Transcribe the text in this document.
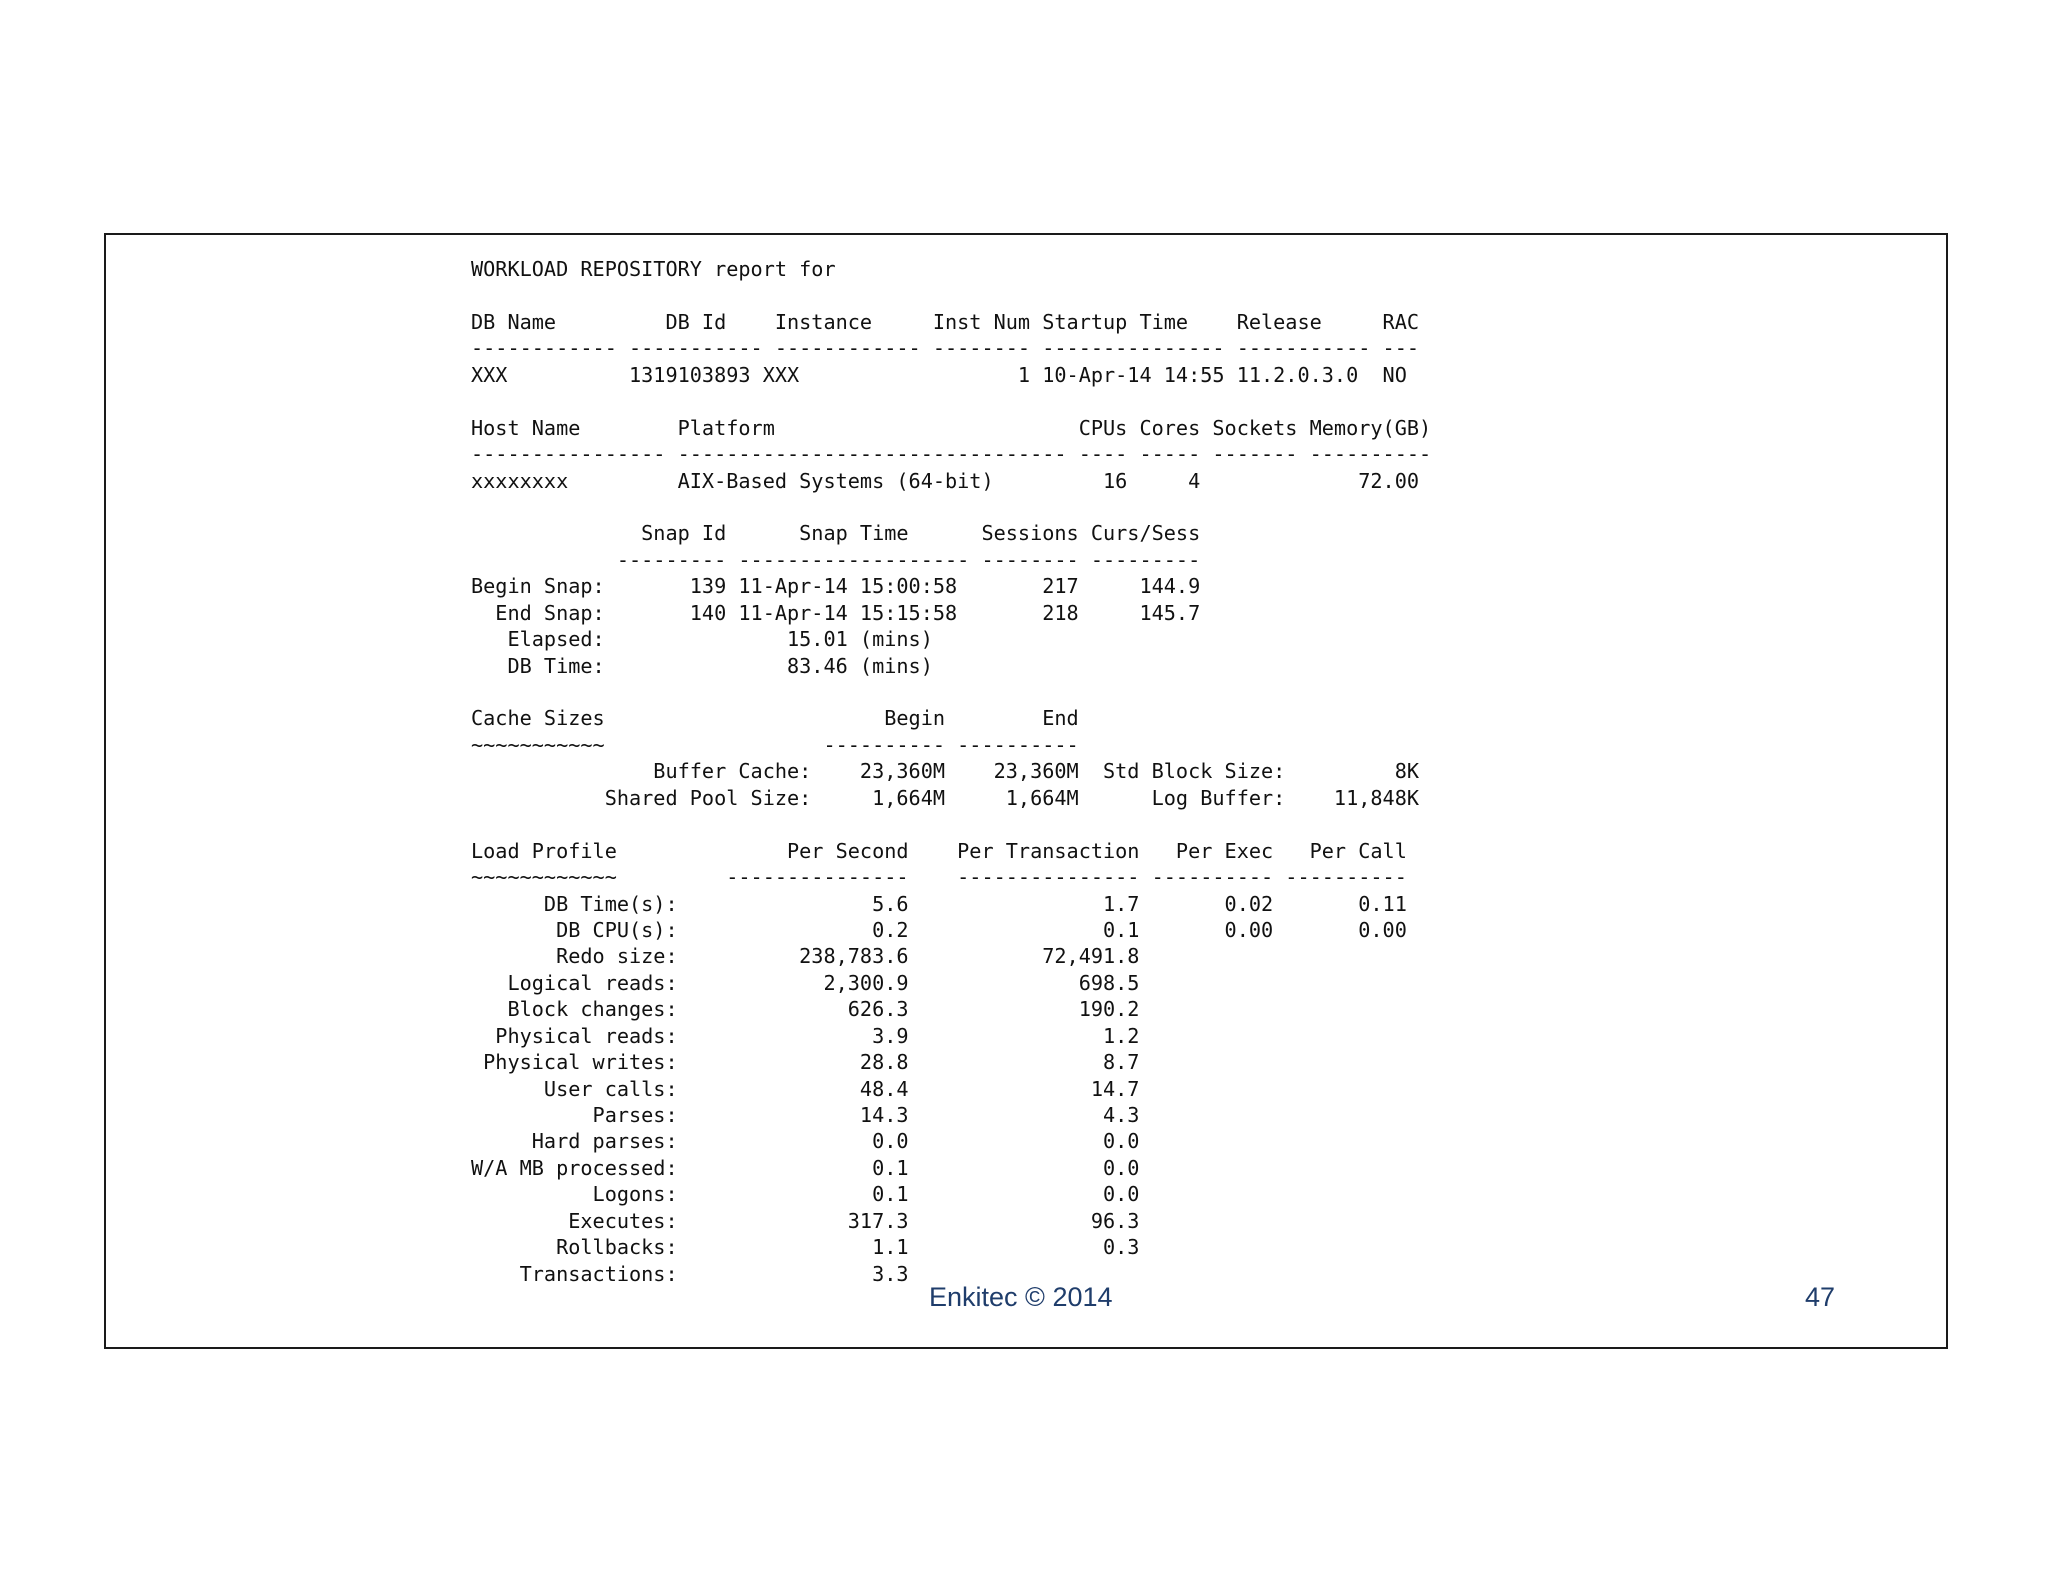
WORKLOAD REPOSITORY report for
DB Name         DB Id    Instance     Inst Num Startup Time    Release     RAC
------------ ----------- ------------ -------- --------------- ----------- ---
XXX          1319103893 XXX                  1 10-Apr-14 14:55 11.2.0.3.0  NO
Host Name        Platform                         CPUs Cores Sockets Memory(GB)
---------------- -------------------------------- ---- ----- ------- ----------
xxxxxxxx         AIX-Based Systems (64-bit)         16     4             72.00
Snap Id      Snap Time      Sessions Curs/Sess
--------- ------------------- -------- ---------
Begin Snap:       139 11-Apr-14 15:00:58       217     144.9
End Snap:       140 11-Apr-14 15:15:58       218     145.7
Elapsed:               15.01 (mins)
DB Time:               83.46 (mins)
Cache Sizes                       Begin        End
~~~~~~~~~~~                  ---------- ----------
Buffer Cache:    23,360M    23,360M  Std Block Size:         8K
Shared Pool Size:     1,664M     1,664M      Log Buffer:    11,848K
Load Profile              Per Second    Per Transaction   Per Exec   Per Call
~~~~~~~~~~~~         ---------------    --------------- ---------- ----------
DB Time(s):                5.6                1.7       0.02       0.11
DB CPU(s):                0.2                0.1       0.00       0.00
Redo size:          238,783.6           72,491.8
Logical reads:            2,300.9              698.5
Block changes:              626.3              190.2
Physical reads:                3.9                1.2
Physical writes:               28.8                8.7
User calls:               48.4               14.7
Parses:               14.3                4.3
Hard parses:                0.0                0.0
W/A MB processed:                0.1                0.0
Logons:                0.1                0.0
Executes:              317.3               96.3
Rollbacks:                1.1                0.3
Transactions:                3.3
Enkitec © 2014	47
